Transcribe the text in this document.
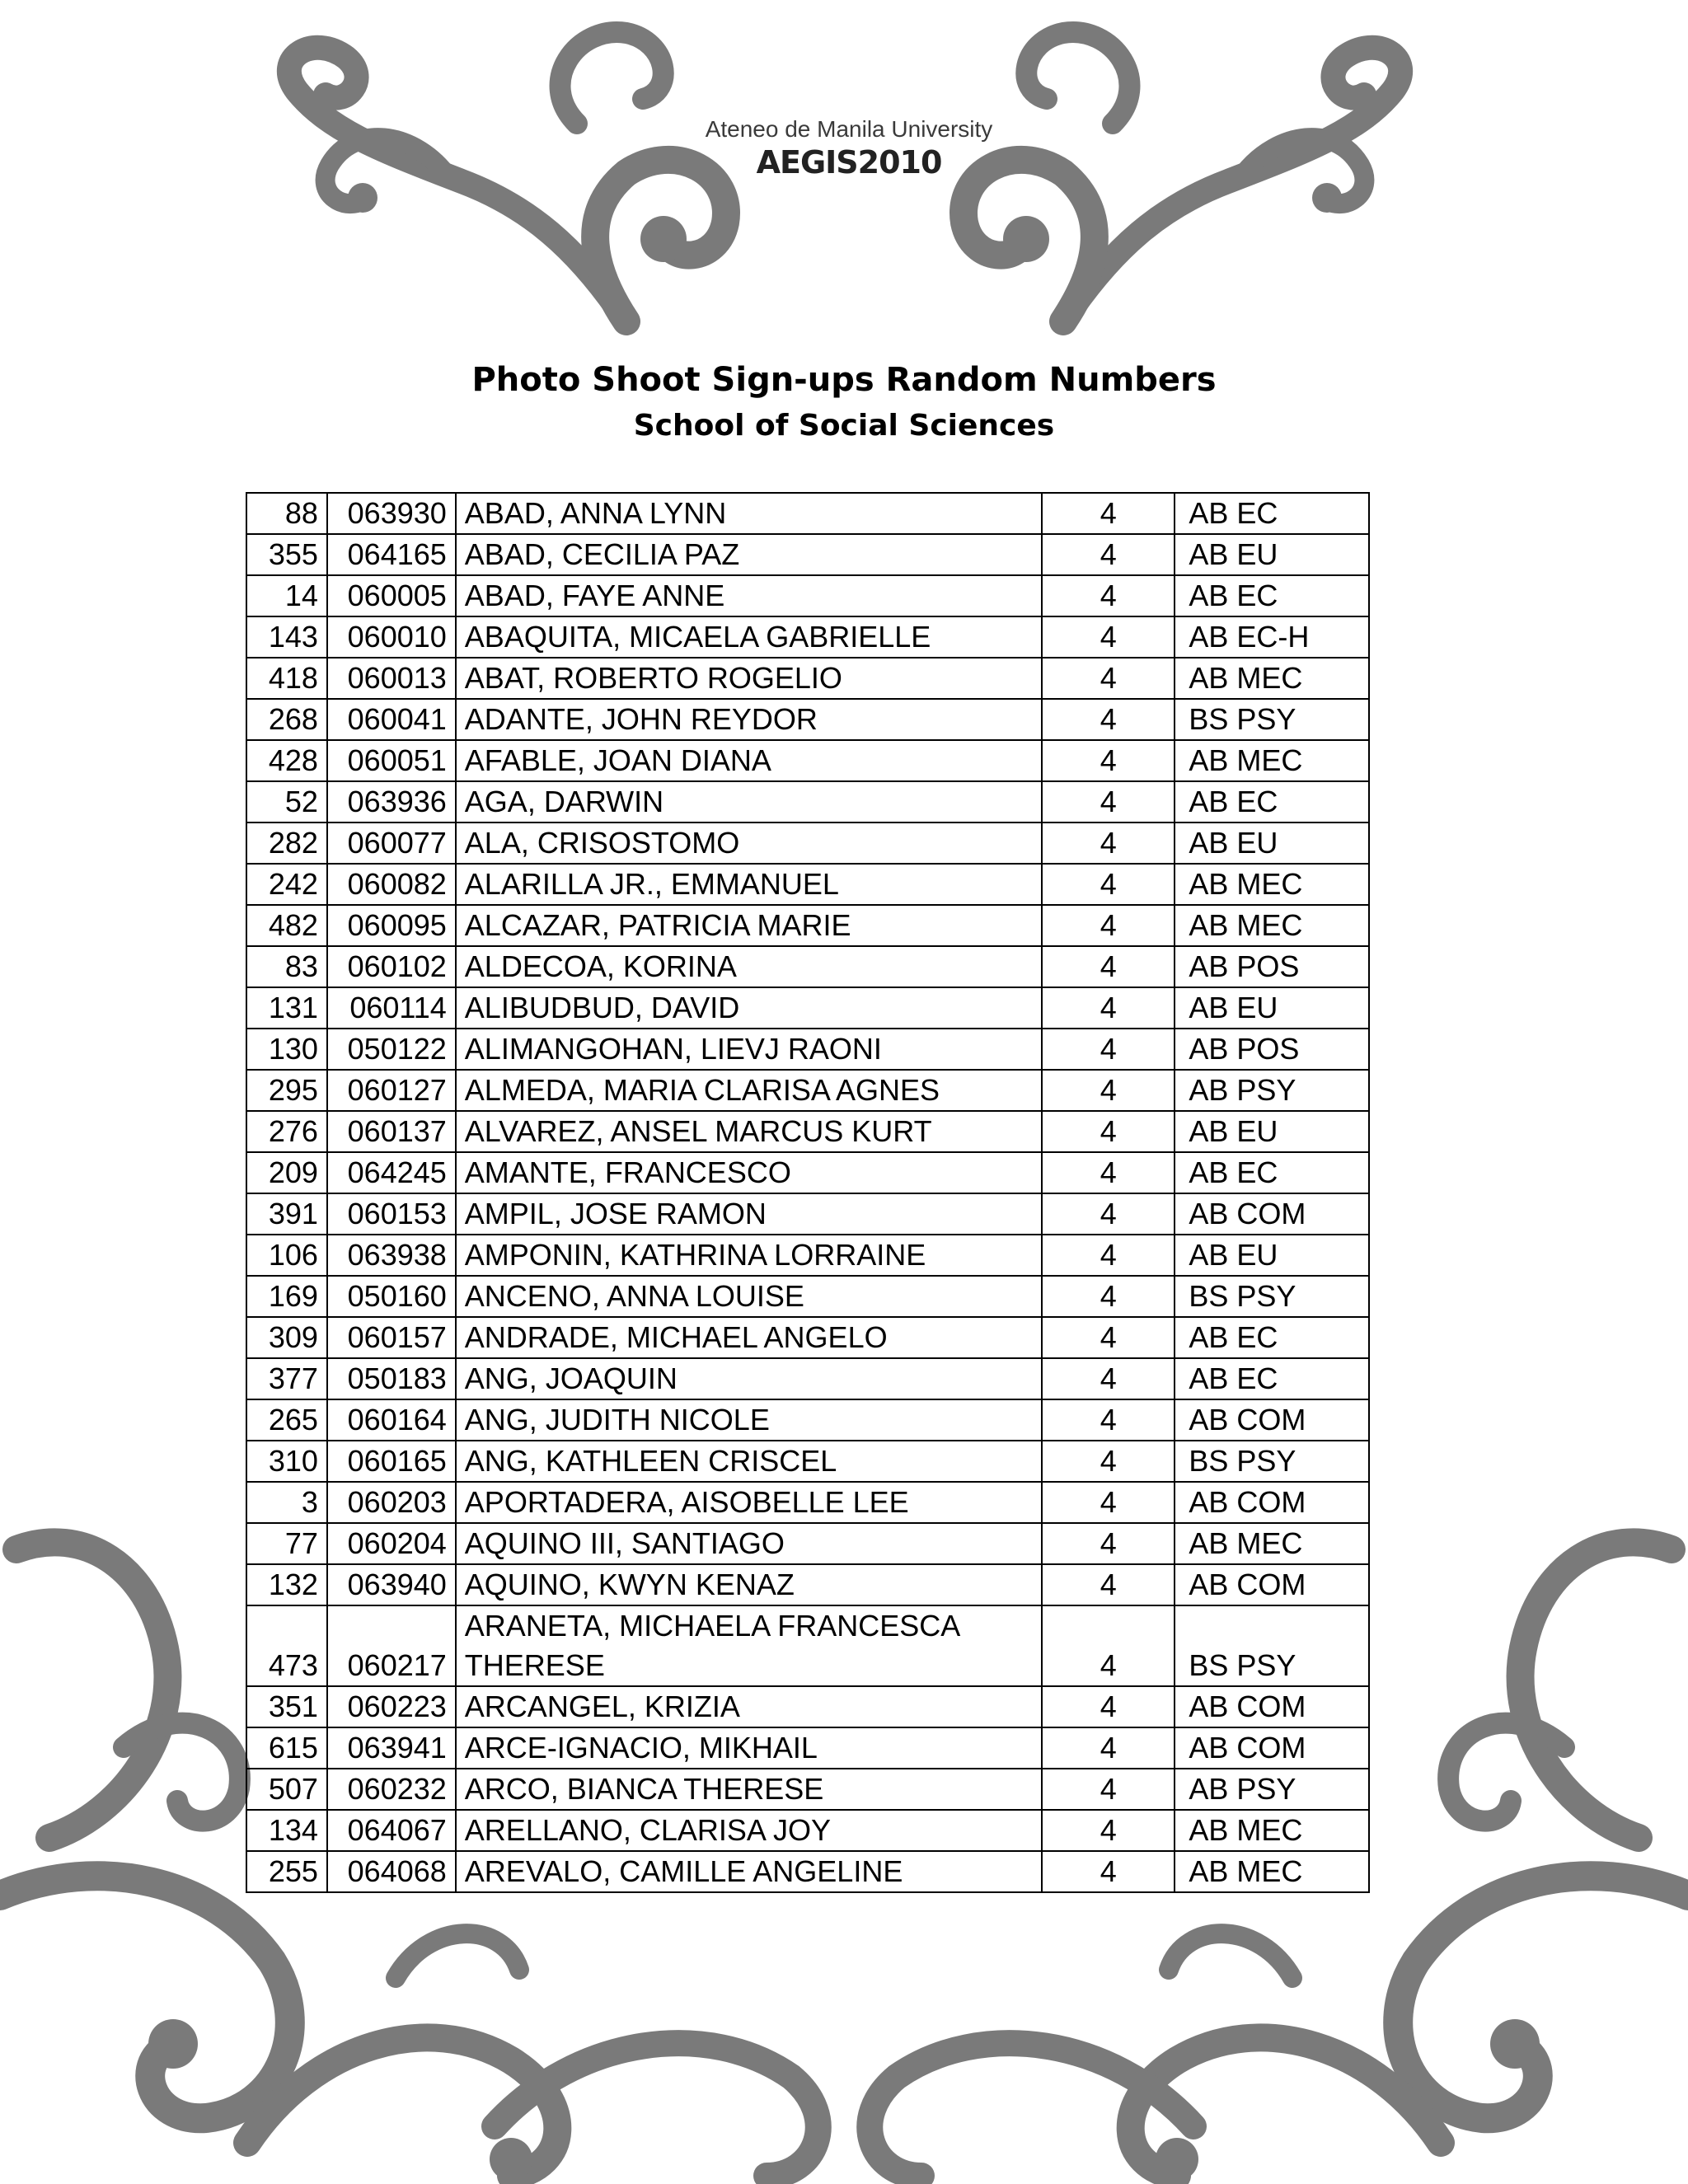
Ateneo de Manila University
AEGIS2010
Photo Shoot Sign-ups Random Numbers
School of Social Sciences
88	063930	ABAD, ANNA LYNN	4	AB EC
355	064165	ABAD, CECILIA PAZ	4	AB EU
14	060005	ABAD, FAYE ANNE	4	AB EC
143	060010	ABAQUITA, MICAELA GABRIELLE	4	AB EC-H
418	060013	ABAT, ROBERTO ROGELIO	4	AB MEC
268	060041	ADANTE, JOHN REYDOR	4	BS PSY
428	060051	AFABLE, JOAN DIANA	4	AB MEC
52	063936	AGA, DARWIN	4	AB EC
282	060077	ALA, CRISOSTOMO	4	AB EU
242	060082	ALARILLA JR., EMMANUEL	4	AB MEC
482	060095	ALCAZAR, PATRICIA MARIE	4	AB MEC
83	060102	ALDECOA, KORINA	4	AB POS
131	060114	ALIBUDBUD, DAVID	4	AB EU
130	050122	ALIMANGOHAN, LIEVJ RAONI	4	AB POS
295	060127	ALMEDA, MARIA CLARISA AGNES	4	AB PSY
276	060137	ALVAREZ, ANSEL MARCUS KURT	4	AB EU
209	064245	AMANTE, FRANCESCO	4	AB EC
391	060153	AMPIL, JOSE RAMON	4	AB COM
106	063938	AMPONIN, KATHRINA LORRAINE	4	AB EU
169	050160	ANCENO, ANNA LOUISE	4	BS PSY
309	060157	ANDRADE, MICHAEL ANGELO	4	AB EC
377	050183	ANG, JOAQUIN	4	AB EC
265	060164	ANG, JUDITH NICOLE	4	AB COM
310	060165	ANG, KATHLEEN CRISCEL	4	BS PSY
3	060203	APORTADERA, AISOBELLE LEE	4	AB COM
77	060204	AQUINO III, SANTIAGO	4	AB MEC
132	063940	AQUINO, KWYN KENAZ	4	AB COM
473	060217	ARANETA, MICHAELA FRANCESCA THERESE	4	BS PSY
351	060223	ARCANGEL, KRIZIA	4	AB COM
615	063941	ARCE-IGNACIO, MIKHAIL	4	AB COM
507	060232	ARCO, BIANCA THERESE	4	AB PSY
134	064067	ARELLANO, CLARISA JOY	4	AB MEC
255	064068	AREVALO, CAMILLE ANGELINE	4	AB MEC
